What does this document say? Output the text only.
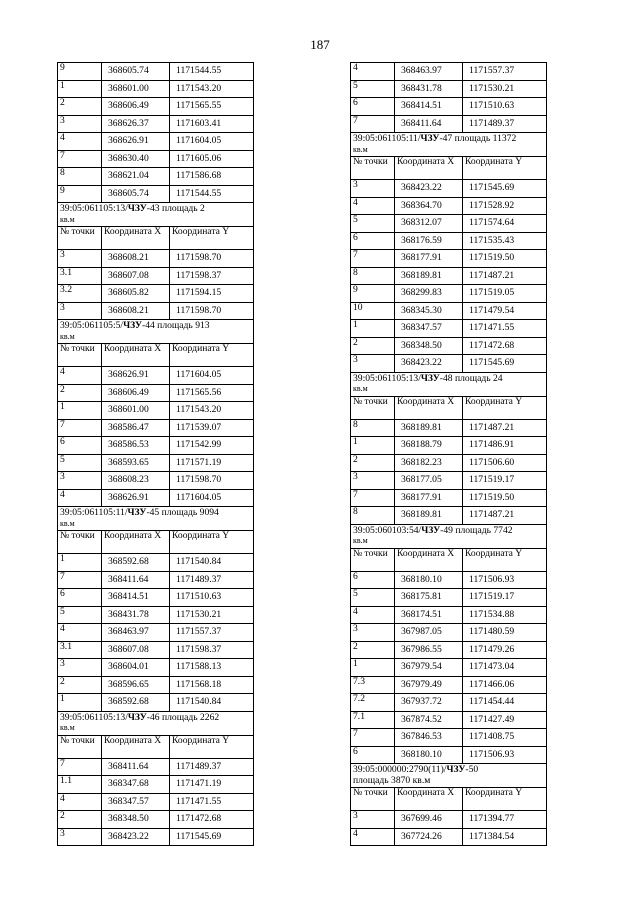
187
9	368605.74	1171544.55
1	368601.00	1171543.20
2	368606.49	1171565.55
3	368626.37	1171603.41
4	368626.91	1171604.05
7	368630.40	1171605.06
8	368621.04	1171586.68
9	368605.74	1171544.55
39:05:061105:13/ЧЗУ-43 площадь 2
кв.м		
№ точки	Координата X	Координата Y
3	368608.21	1171598.70
3.1	368607.08	1171598.37
3.2	368605.82	1171594.15
3	368608.21	1171598.70
39:05:061105:5/ЧЗУ-44 площадь 913
кв.м		
№ точки	Координата X	Координата Y
4	368626.91	1171604.05
2	368606.49	1171565.56
1	368601.00	1171543.20
7	368586.47	1171539.07
6	368586.53	1171542.99
5	368593.65	1171571.19
3	368608.23	1171598.70
4	368626.91	1171604.05
39:05:061105:11/ЧЗУ-45 площадь 9094
кв.м		
№ точки	Координата X	Координата Y
1	368592.68	1171540.84
7	368411.64	1171489.37
6	368414.51	1171510.63
5	368431.78	1171530.21
4	368463.97	1171557.37
3.1	368607.08	1171598.37
3	368604.01	1171588.13
2	368596.65	1171568.18
1	368592.68	1171540.84
39:05:061105:13/ЧЗУ-46 площадь 2262
кв.м		
№ точки	Координата X	Координата Y
7	368411.64	1171489.37
1.1	368347.68	1171471.19
4	368347.57	1171471.55
2	368348.50	1171472.68
3	368423.22	1171545.69
4	368463.97	1171557.37
5	368431.78	1171530.21
6	368414.51	1171510.63
7	368411.64	1171489.37
39:05:061105:11/ЧЗУ-47 площадь 11372
кв.м		
№ точки	Координата X	Координата Y
3	368423.22	1171545.69
4	368364.70	1171528.92
5	368312.07	1171574.64
6	368176.59	1171535.43
7	368177.91	1171519.50
8	368189.81	1171487.21
9	368299.83	1171519.05
10	368345.30	1171479.54
1	368347.57	1171471.55
2	368348.50	1171472.68
3	368423.22	1171545.69
39:05:061105:13/ЧЗУ-48 площадь 24
кв.м		
№ точки	Координата X	Координата Y
8	368189.81	1171487.21
1	368188.79	1171486.91
2	368182.23	1171506.60
3	368177.05	1171519.17
7	368177.91	1171519.50
8	368189.81	1171487.21
39:05:060103:54/ЧЗУ-49 площадь 7742
кв.м		
№ точки	Координата X	Координата Y
6	368180.10	1171506.93
5	368175.81	1171519.17
4	368174.51	1171534.88
3	367987.05	1171480.59
2	367986.55	1171479.26
1	367979.54	1171473.04
7.3	367979.49	1171466.06
7.2	367937.72	1171454.44
7.1	367874.52	1171427.49
7	367846.53	1171408.75
6	368180.10	1171506.93
39:05:000000:2790(11)/ЧЗУ-50
площадь 3870 кв.м		
№ точки	Координата X	Координата Y
3	367699.46	1171394.77
4	367724.26	1171384.54
